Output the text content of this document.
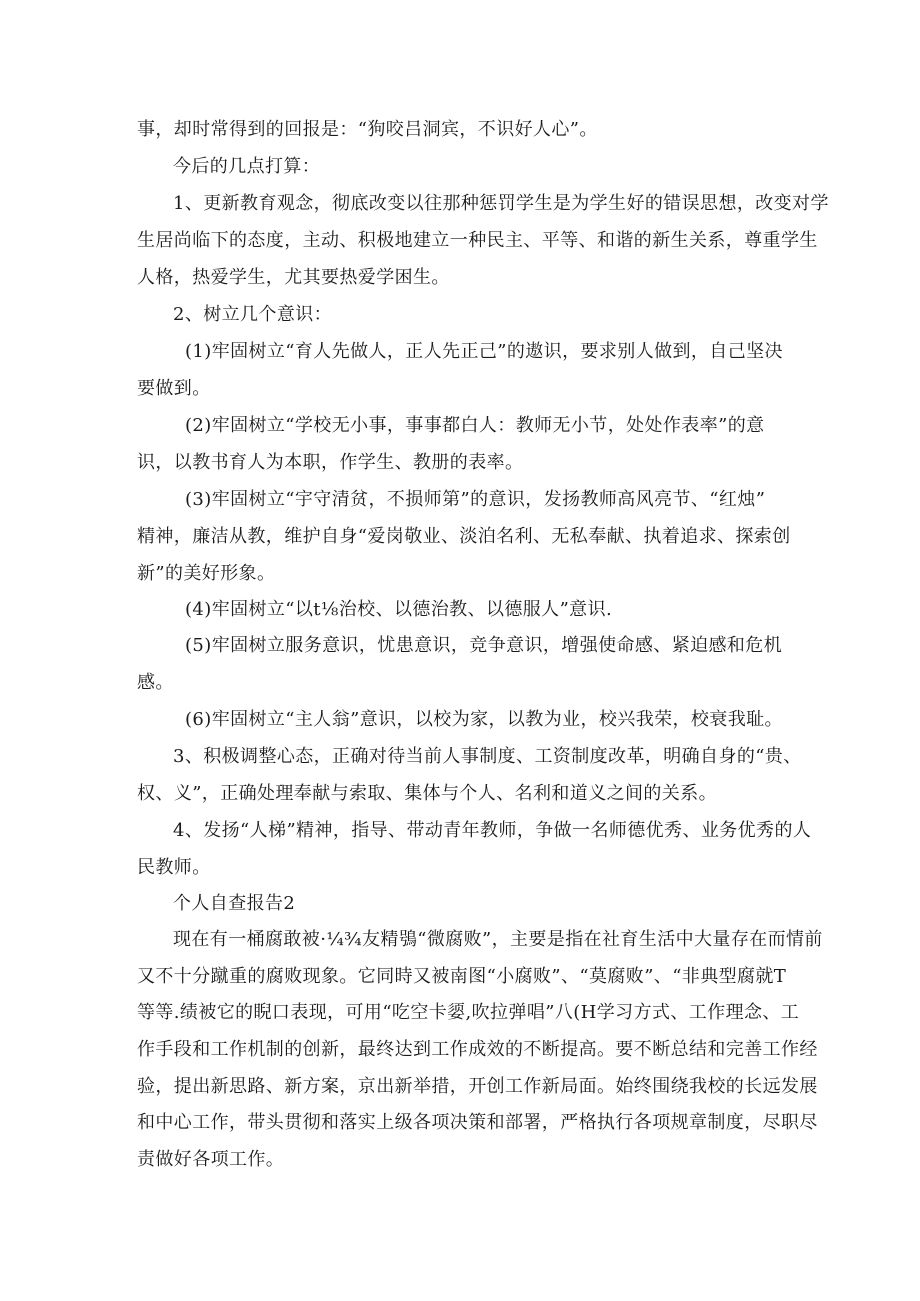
事，却时常得到的回报是：“狗咬吕洞宾，不识好人心”。
今后的几点打算：
1、更新教育观念，彻底改变以往那种惩罚学生是为学生好的错误思想，改变对学
生居尚临下的态度，主动、积极地建立一种民主、平等、和谐的新生关系，尊重学生
人格，热爱学生，尤其要热爱学困生。
2、树立几个意识：
(1)牢固树立“育人先做人，正人先正己”的遨识，要求别人做到，自己坚决
要做到。
(2)牢固树立“学校无小事，事事都白人：教师无小节，处处作表率”的意
识，以教书育人为本职，作学生、教册的表率。
(3)牢固树立“宇守清贫，不损师第”的意识，发扬教师高风亮节、“红烛”
精神，廉洁从教，维护自身“爱岗敬业、淡泊名利、无私奉献、执着追求、探索创
新”的美好形象。
(4)牢固树立“以t⅛治校、以德治教、以德服人”意识.
(5)牢固树立服务意识，忧患意识，竞争意识，增强使命感、紧迫感和危机
感。
(6)牢固树立“主人翁”意识，以校为家，以教为业，校兴我荣，校衰我耻。
3、积极调整心态，正确对待当前人事制度、工资制度改革，明确自身的“贵、
权、义”，正确处理奉献与索取、集体与个人、名利和道义之间的关系。
4、发扬“人梯”精神，指导、带动青年教师，争做一名师德优秀、业务优秀的人
民教师。
个人自查报告2
现在有一桶腐敢被·¼¾友精鴞“微腐败”，主要是指在社育生活中大量存在而情前
又不十分蹴重的腐败现象。它同時又被南图“小腐败”、“莫腐败”、“非典型腐就T
等等.绩被它的睨口表现，可用“吃空卡媭,吹拉弹唱”八(H学习方式、工作理念、工
作手段和工作机制的创新，最终达到工作成效的不断提高。要不断总结和完善工作经
验，提出新思路、新方案，京出新举措，开创工作新局面。始终围绕我校的长远发展
和中心工作，带头贯彻和落实上级各项决策和部署，严格执行各项规章制度，尽职尽
责做好各项工作。
